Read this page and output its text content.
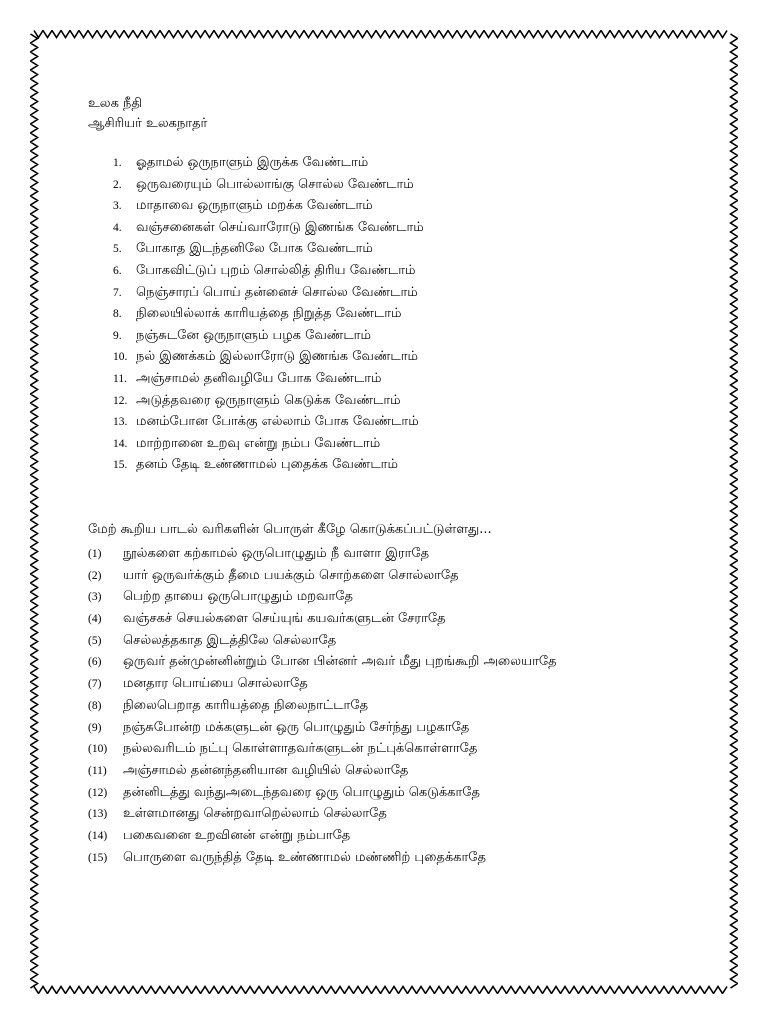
உலக நீதி

ஆசிரியர் உலகநாதர்

1.	ஓதாமல் ஒருநாளும் இருக்க வேண்டாம்
2.	ஒருவரையும் பொல்லாங்கு சொல்ல வேண்டாம்
3.	மாதாவை ஒருநாளும் மறக்க வேண்டாம்
4.	வஞ்சனைகள் செய்வாரோடு இணங்க வேண்டாம்
5.	போகாத இடந்தனிலே போக வேண்டாம்
6.	போகவிட்டுப் புறம் சொல்லித் திரிய வேண்டாம்
7.	நெஞ்சாரப் பொய் தன்னைச் சொல்ல வேண்டாம்
8.	நிலையில்லாக் காரியத்தை நிறுத்த வேண்டாம்
9.	நஞ்சுடனே ஒருநாளும் பழக வேண்டாம்
10. நல் இணக்கம் இல்லாரோடு இணங்க வேண்டாம்
11. அஞ்சாமல் தனிவழியே போக வேண்டாம்
12. அடுத்தவரை ஒருநாளும் கெடுக்க வேண்டாம்
13. மனம்போன போக்கு எல்லாம் போக வேண்டாம்
14. மாற்றானை உறவு என்று நம்ப வேண்டாம்
15. தனம் தேடி உண்ணாமல் புதைக்க வேண்டாம்
மேற் கூறிய பாடல் வரிகளின் பொருள் கீழே கொடுக்கப்பட்டுள்ளது...
(1)	நூல்களை கற்காமல் ஒருபொழுதும் நீ வாளா இராதே
(2)	யார் ஒருவர்க்கும் தீமை பயக்கும் சொற்களை சொல்லாதே
(3)	பெற்ற தாயை ஒருபொழுதும் மறவாதே
(4)	வஞ்சகச் செயல்களை செய்யுங் கயவர்களுடன் சேராதே
(5)	செல்லத்தகாத இடத்திலே செல்லாதே
(6)	ஒருவர் தன்முன்னின்றும் போன பின்னர் அவர் மீது புறங்கூறி அலையாதே
(7)	மனதார பொய்யை சொல்லாதே
(8)	நிலைபெறாத காரியத்தை நிலைநாட்டாதே
(9)	நஞ்சுபோன்ற மக்களுடன் ஒரு பொழுதும் சேர்ந்து பழகாதே
(10)	நல்லவரிடம் நட்பு கொள்ளாதவர்களுடன் நட்புக்கொள்ளாதே
(11)	அஞ்சாமல் தன்னந்தனியான வழியில் செல்லாதே
(12)	தன்னிடத்து வந்துஅடைந்தவரை ஒரு பொழுதும் கெடுக்காதே
(13)	உள்ளமானது சென்றவாறெல்லாம் செல்லாதே
(14)	பகைவனை உறவினன் என்று நம்பாதே
(15)	பொருளை வருந்தித் தேடி உண்ணாமல் மண்ணிற் புதைக்காதே
